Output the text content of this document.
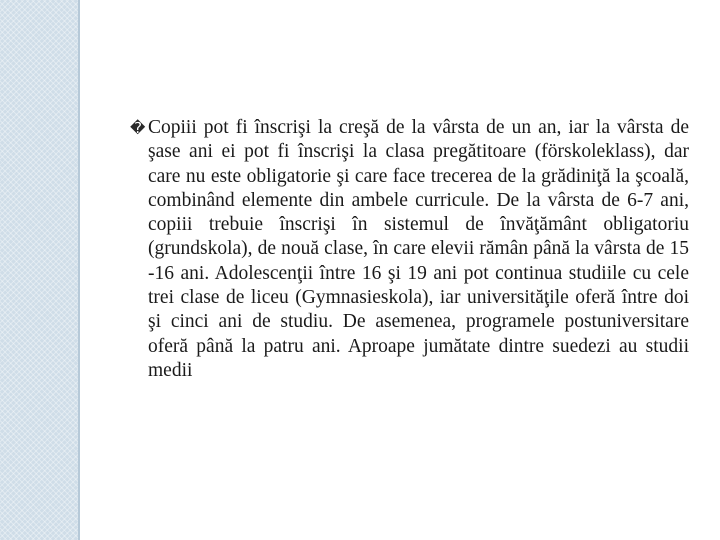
� Copiii pot fi înscrişi la creşă de la vârsta de un an, iar la vârsta de şase ani ei pot fi înscrişi la clasa pregătitoare (förskoleklass), dar care nu este obligatorie şi care face trecerea de la grădiniţă la şcoală, combinând elemente din ambele curricule. De la vârsta de 6-7 ani, copiii trebuie înscrişi în sistemul de învăţământ obligatoriu (grundskola), de nouă clase, în care elevii rămân până la vârsta de 15 -16 ani. Adolescenţii între 16 şi 19 ani pot continua studiile cu cele trei clase de liceu (Gymnasieskola), iar universităţile oferă între doi şi cinci ani de studiu. De asemenea, programele postuniversitare oferă până la patru ani. Aproape jumătate dintre suedezi au studii medii
